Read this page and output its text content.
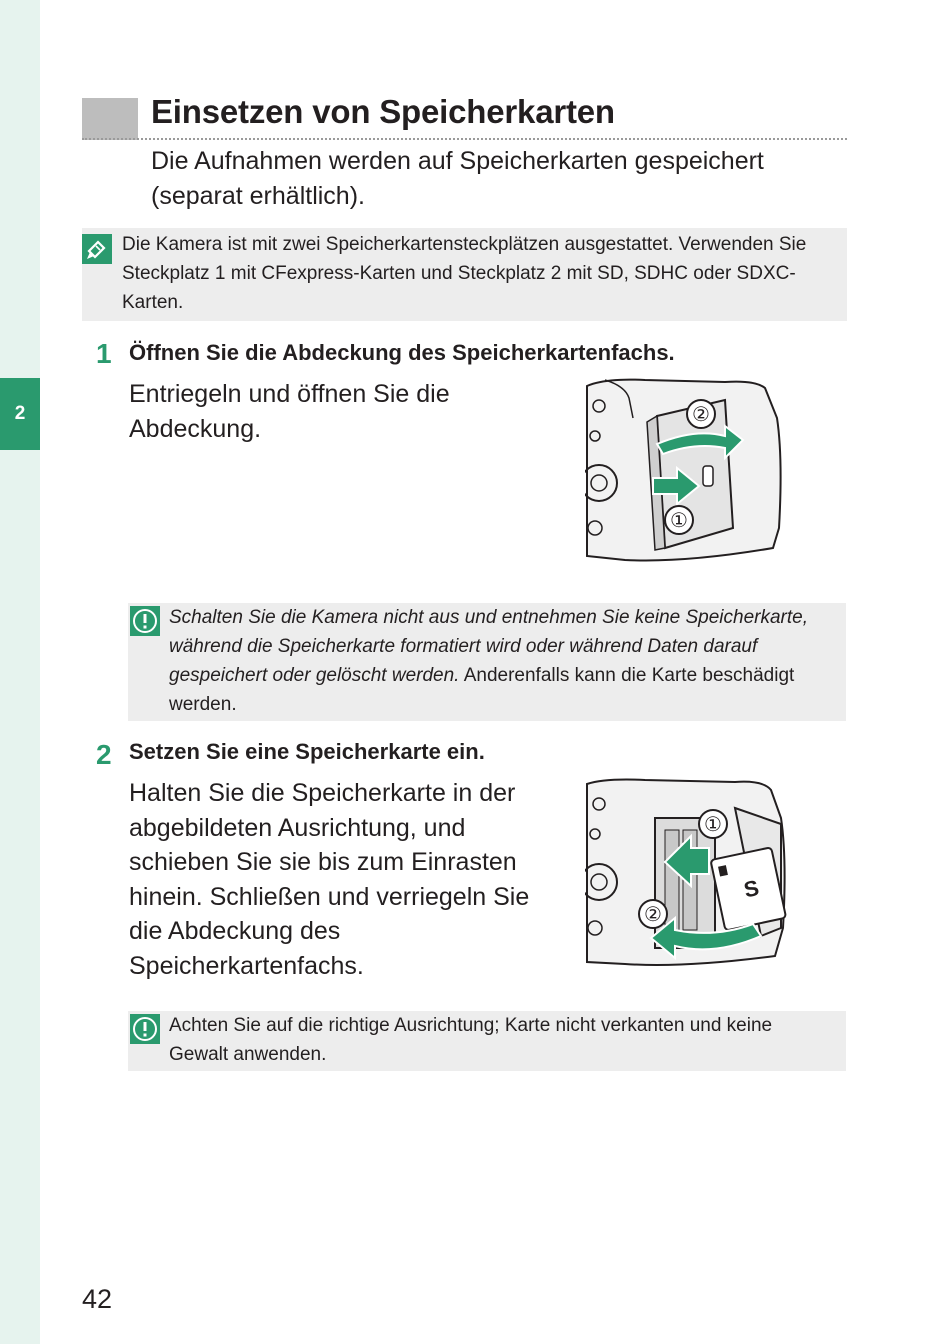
2
Einsetzen von Speicherkarten

Die Aufnahmen werden auf Speicherkarten gespeichert (separat erhältlich).

Die Kamera ist mit zwei Speicherkartensteckplätzen ausgestattet. Verwenden Sie Steckplatz 1 mit CFexpress-Karten und Steckplatz 2 mit SD, SDHC oder SDXC-Karten.

1 Öffnen Sie die Abdeckung des Speicherkartenfachs.

Entriegeln und öffnen Sie die Abdeckung.	②
①

Schalten Sie die Kamera nicht aus und entnehmen Sie keine Speicherkarte, während die Speicherkarte formatiert wird oder während Daten darauf gespeichert oder gelöscht werden. Anderenfalls kann die Karte beschädigt werden.

2 Setzen Sie eine Speicherkarte ein.

Halten Sie die Speicherkarte in der abgebildeten Ausrichtung, und schieben Sie sie bis zum Einrasten hinein. Schließen und verriegeln Sie die Abdeckung des Speicherkartenfachs.

S
①
②

Achten Sie auf die richtige Ausrichtung; Karte nicht verkanten und keine Gewalt anwenden.

42
